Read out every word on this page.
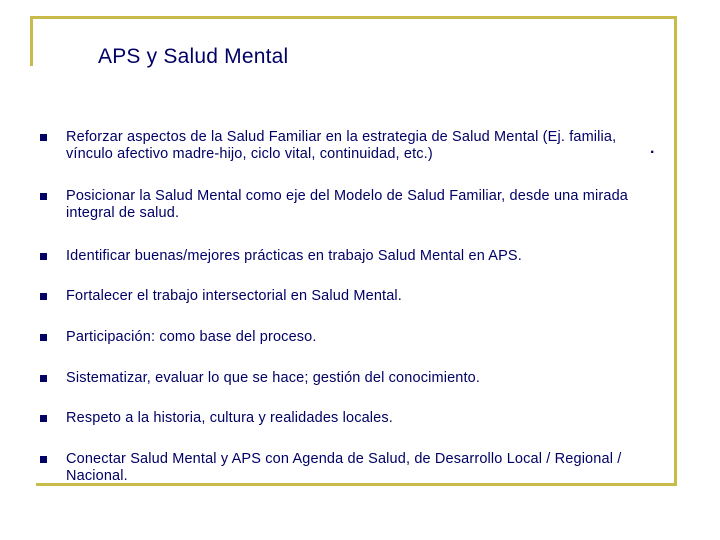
APS y Salud Mental
Reforzar aspectos de la Salud Familiar en la estrategia de Salud Mental (Ej. familia, vínculo afectivo madre-hijo, ciclo vital, continuidad, etc.)
Posicionar la Salud Mental como eje del Modelo de Salud Familiar, desde una mirada integral de salud.
Identificar buenas/mejores prácticas en trabajo Salud Mental en APS.
Fortalecer el trabajo intersectorial en Salud Mental.
Participación: como base del proceso.
Sistematizar, evaluar lo que se hace; gestión del conocimiento.
Respeto a la historia, cultura y realidades locales.
Conectar Salud Mental y APS con Agenda de Salud, de Desarrollo Local / Regional / Nacional.
.
